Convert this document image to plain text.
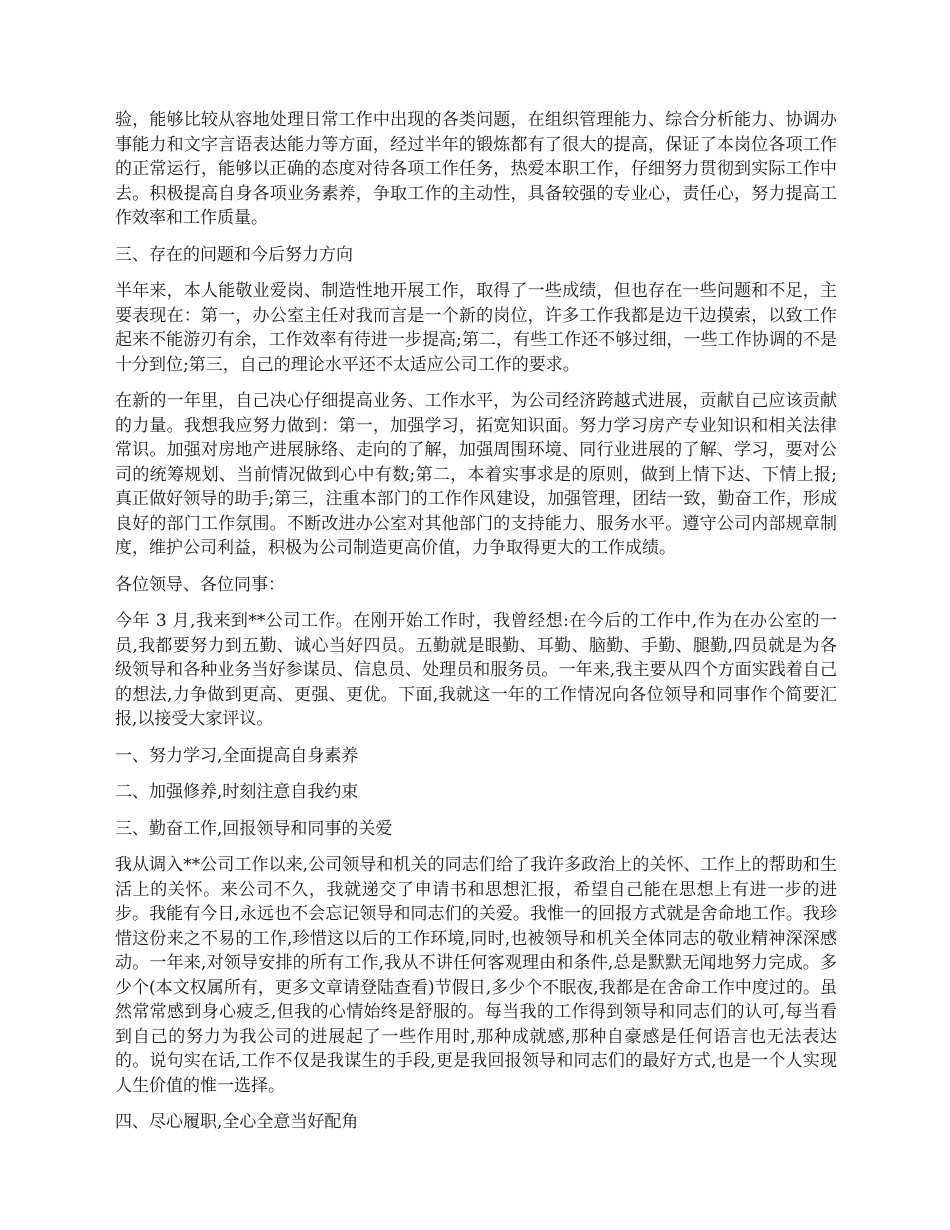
验，能够比较从容地处理日常工作中出现的各类问题，在组织管理能力、综合分析能力、协调办事能力和文字言语表达能力等方面，经过半年的锻炼都有了很大的提高，保证了本岗位各项工作的正常运行，能够以正确的态度对待各项工作任务，热爱本职工作，仔细努力贯彻到实际工作中去。积极提高自身各项业务素养，争取工作的主动性，具备较强的专业心，责任心，努力提高工作效率和工作质量。

三、存在的问题和今后努力方向

半年来，本人能敬业爱岗、制造性地开展工作，取得了一些成绩，但也存在一些问题和不足，主要表现在：第一，办公室主任对我而言是一个新的岗位，许多工作我都是边干边摸索，以致工作起来不能游刃有余，工作效率有待进一步提高;第二，有些工作还不够过细，一些工作协调的不是十分到位;第三，自己的理论水平还不太适应公司工作的要求。

在新的一年里，自己决心仔细提高业务、工作水平，为公司经济跨越式进展，贡献自己应该贡献的力量。我想我应努力做到：第一，加强学习，拓宽知识面。努力学习房产专业知识和相关法律常识。加强对房地产进展脉络、走向的了解，加强周围环境、同行业进展的了解、学习，要对公司的统筹规划、当前情况做到心中有数;第二，本着实事求是的原则，做到上情下达、下情上报;真正做好领导的助手;第三，注重本部门的工作作风建设，加强管理，团结一致，勤奋工作，形成良好的部门工作氛围。不断改进办公室对其他部门的支持能力、服务水平。遵守公司内部规章制度，维护公司利益，积极为公司制造更高价值，力争取得更大的工作成绩。

各位领导、各位同事：

今年 3 月,我来到**公司工作。在刚开始工作时，我曾经想:在今后的工作中,作为在办公室的一员,我都要努力到五勤、诚心当好四员。五勤就是眼勤、耳勤、脑勤、手勤、腿勤,四员就是为各级领导和各种业务当好参谋员、信息员、处理员和服务员。一年来,我主要从四个方面实践着自己的想法,力争做到更高、更强、更优。下面,我就这一年的工作情况向各位领导和同事作个简要汇报,以接受大家评议。

一、努力学习,全面提高自身素养

二、加强修养,时刻注意自我约束

三、勤奋工作,回报领导和同事的关爱

我从调入**公司工作以来,公司领导和机关的同志们给了我许多政治上的关怀、工作上的帮助和生活上的关怀。来公司不久，我就递交了申请书和思想汇报，希望自己能在思想上有进一步的进步。我能有今日,永远也不会忘记领导和同志们的关爱。我惟一的回报方式就是舍命地工作。我珍惜这份来之不易的工作,珍惜这以后的工作环境,同时,也被领导和机关全体同志的敬业精神深深感动。一年来,对领导安排的所有工作,我从不讲任何客观理由和条件,总是默默无闻地努力完成。多少个(本文权属所有，更多文章请登陆查看)节假日,多少个不眠夜,我都是在舍命工作中度过的。虽然常常感到身心疲乏,但我的心情始终是舒服的。每当我的工作得到领导和同志们的认可,每当看到自己的努力为我公司的进展起了一些作用时,那种成就感,那种自豪感是任何语言也无法表达的。说句实在话,工作不仅是我谋生的手段,更是我回报领导和同志们的最好方式,也是一个人实现人生价值的惟一选择。

四、尽心履职,全心全意当好配角
